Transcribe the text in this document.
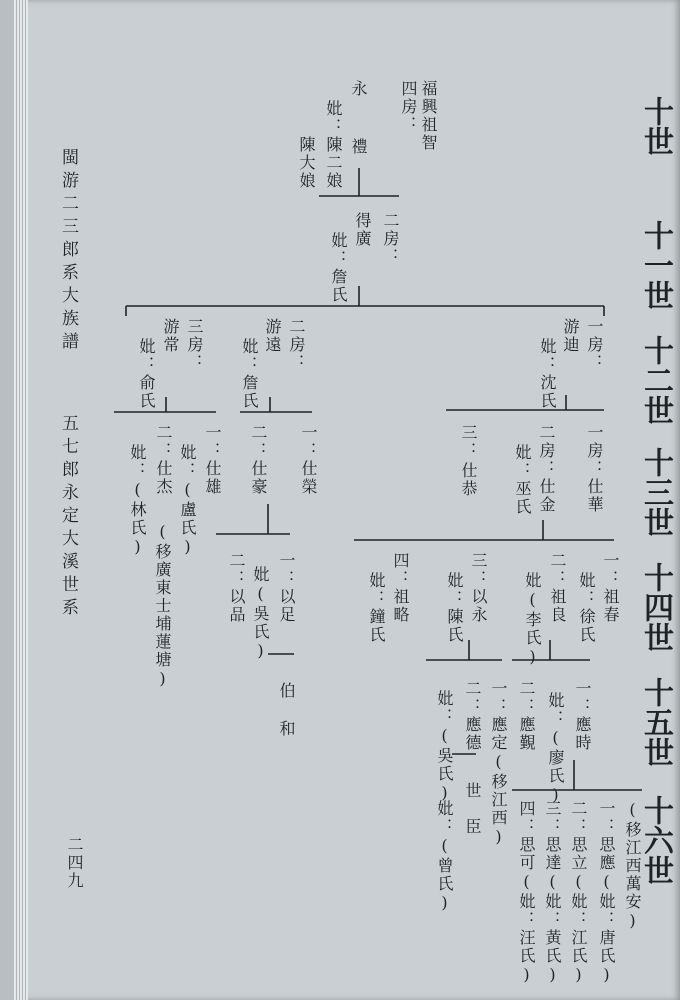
十世
十一世
十二世
十三世
十四世
十五世
十六世
閩游二三郎系大族譜
五七郎永定大溪世系
二四九
福興祖智
四房：
永
妣：陳二娘 禮
陳大娘
二房：
得廣
妣：詹氏
一房：
游迪
妣：沈氏
二房：
游遠
妣：詹氏
三房：
游常
妣：俞氏
一房：仕華
二房：仕金
妣：巫氏
三：
仕恭
一：仕榮
二：仕豪
一：仕雄
妣：(盧氏)
二：仕杰
妣：(林氏)
(移廣東士埔蓮塘)	一：祖春
妣：徐氏
二：祖良
妣(李氏)
三：以永
妣：陳氏
四：祖略
妣：鐘氏
一：以足
妣(吳氏)
二：
以品
伯
和	一：應時
妣：(廖氏)
二：應覲
一：應定(移江西)
二：應德
妣：(吳氏) 世
臣
妣：(曾氏)	(移江西萬安)
一：思應(妣：唐氏)
二：思立(妣：江氏)
三：思達(妣：黃氏)
四：思可(妣：汪氏)
